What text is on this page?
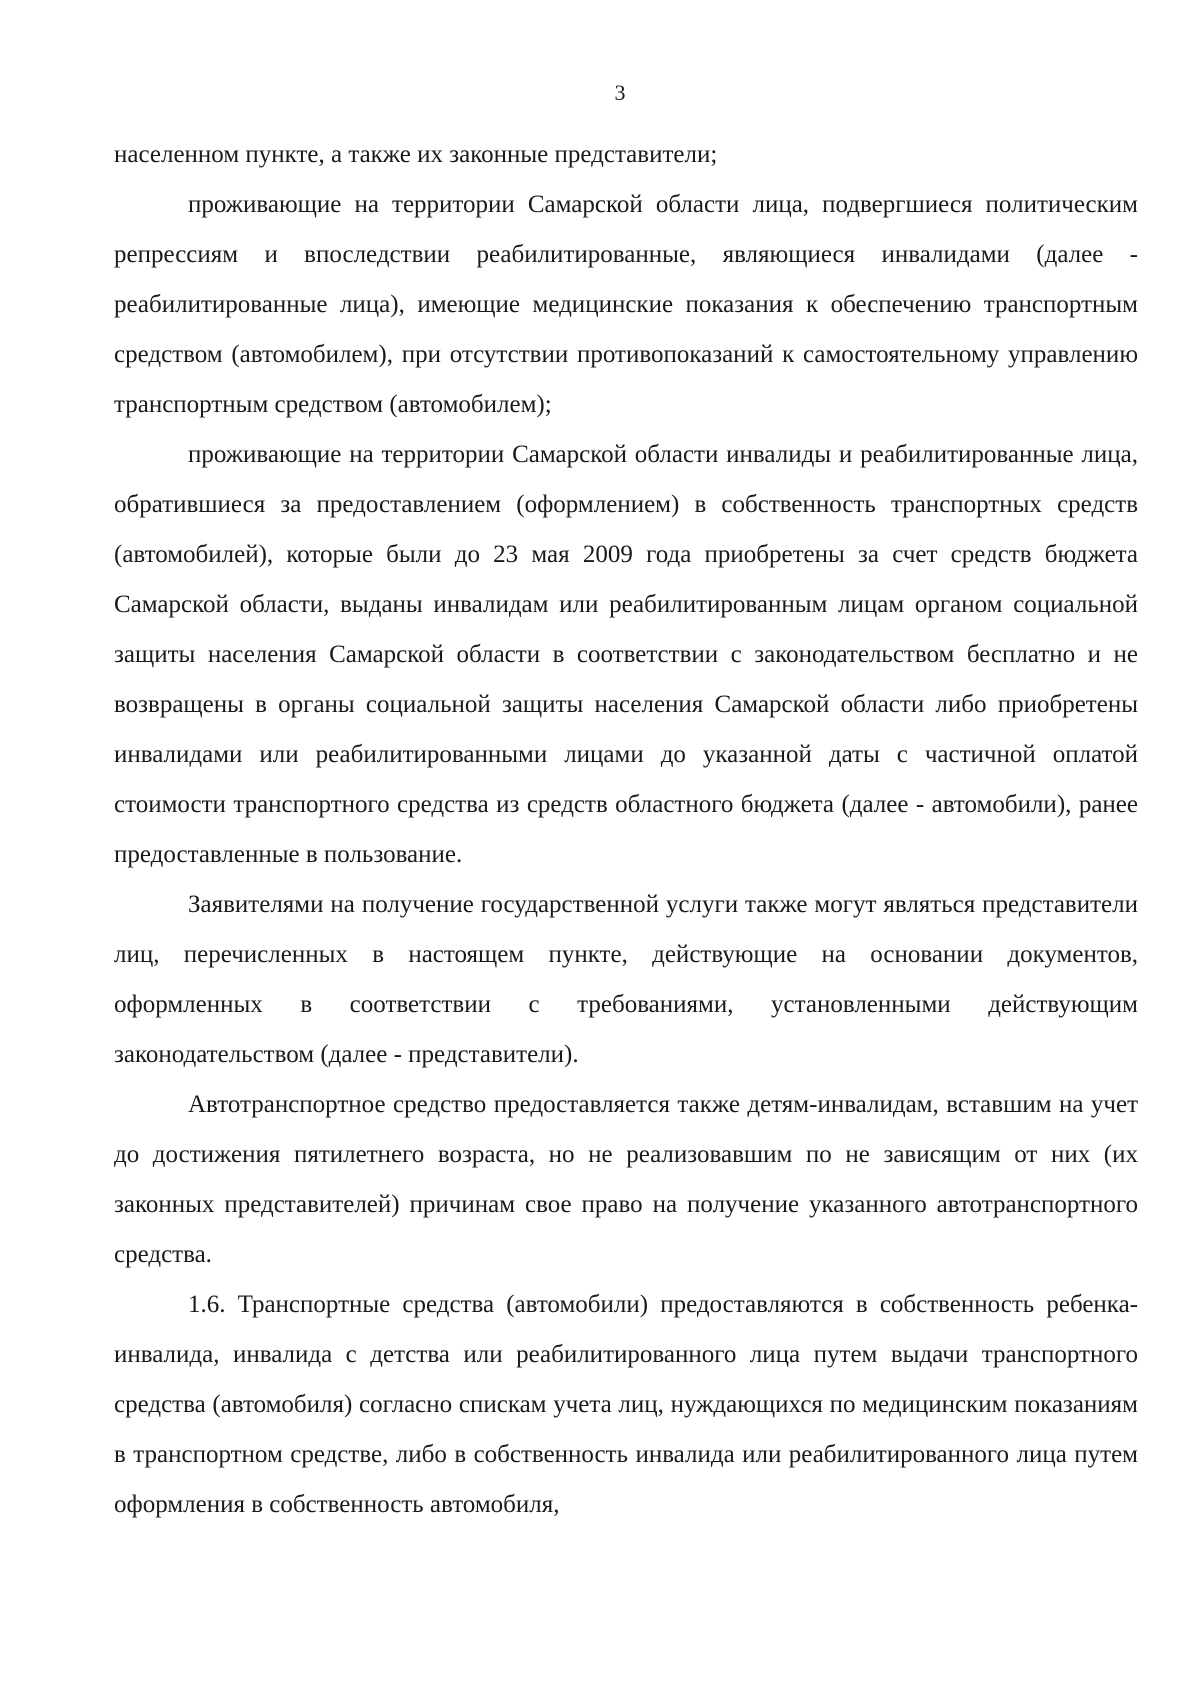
3

населенном пункте, а также их законные представители;

проживающие на территории Самарской области лица, подвергшиеся политическим репрессиям и впоследствии реабилитированные, являющиеся инвалидами (далее - реабилитированные лица), имеющие медицинские показания к обеспечению транспортным средством (автомобилем), при отсутствии противопоказаний к самостоятельному управлению транспортным средством (автомобилем);

проживающие на территории Самарской области инвалиды и реабилитированные лица, обратившиеся за предоставлением (оформлением) в собственность транспортных средств (автомобилей), которые были до 23 мая 2009 года приобретены за счет средств бюджета Самарской области, выданы инвалидам или реабилитированным лицам органом социальной защиты населения Самарской области в соответствии с законодательством бесплатно и не возвращены в органы социальной защиты населения Самарской области либо приобретены инвалидами или реабилитированными лицами до указанной даты с частичной оплатой стоимости транспортного средства из средств областного бюджета (далее - автомобили), ранее предоставленные в пользование.

Заявителями на получение государственной услуги также могут являться представители лиц, перечисленных в настоящем пункте, действующие на основании документов, оформленных в соответствии с требованиями, установленными действующим законодательством (далее - представители).

Автотранспортное средство предоставляется также детям-инвалидам, вставшим на учет до достижения пятилетнего возраста, но не реализовавшим по не зависящим от них (их законных представителей) причинам свое право на получение указанного автотранспортного средства.

1.6. Транспортные средства (автомобили) предоставляются в собственность ребенка-инвалида, инвалида с детства или реабилитированного лица путем выдачи транспортного средства (автомобиля) согласно спискам учета лиц, нуждающихся по медицинским показаниям в транспортном средстве, либо в собственность инвалида или реабилитированного лица путем оформления в собственность автомобиля,
